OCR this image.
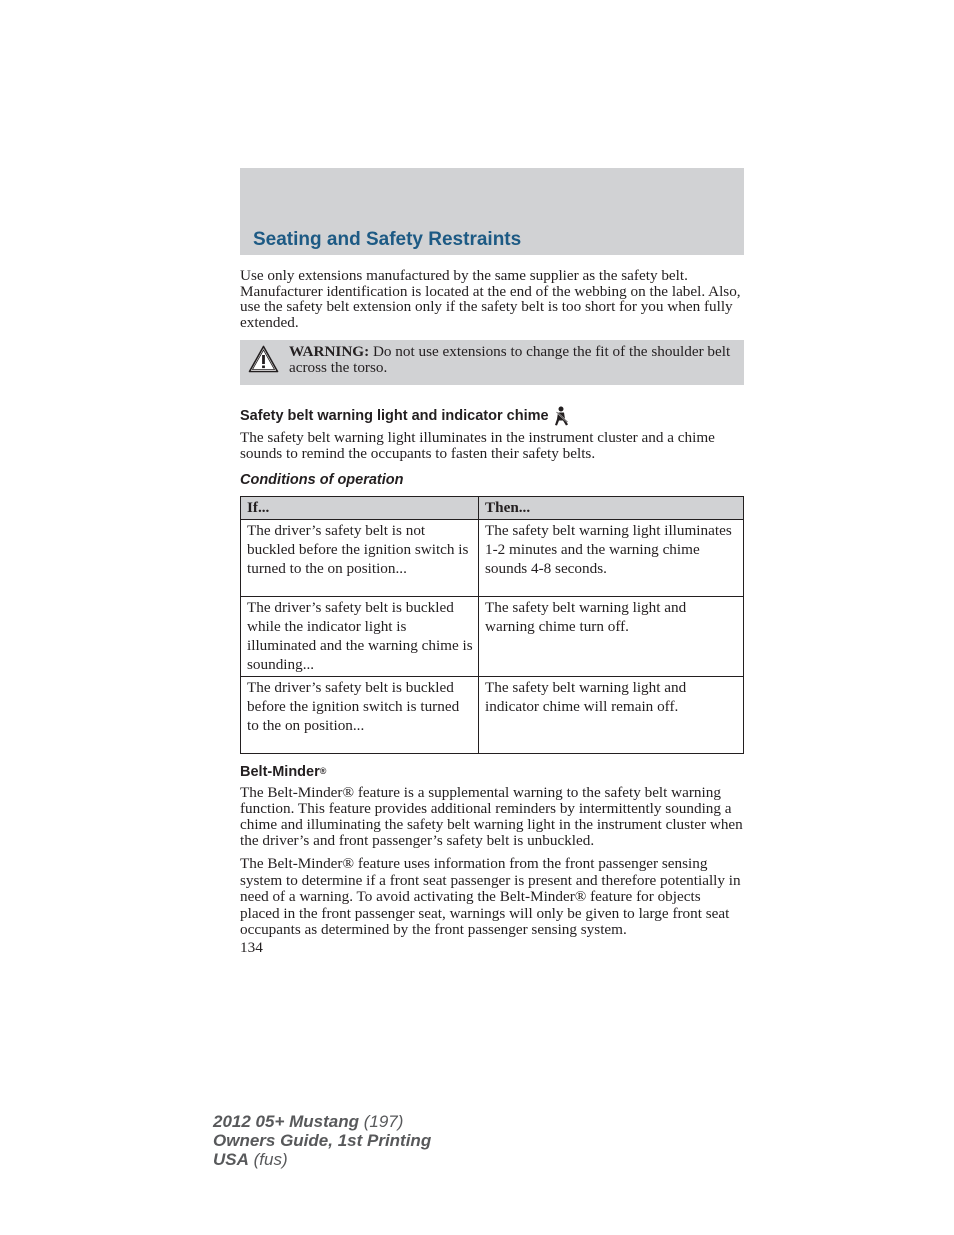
Seating and Safety Restraints

Use only extensions manufactured by the same supplier as the safety belt. Manufacturer identification is located at the end of the webbing on the label. Also, use the safety belt extension only if the safety belt is too short for you when fully extended.

WARNING: Do not use extensions to change the fit of the shoulder belt across the torso.
Safety belt warning light and indicator chime

The safety belt warning light illuminates in the instrument cluster and a chime sounds to remind the occupants to fasten their safety belts.

Conditions of operation
If...	Then...
The driver’s safety belt is not buckled before the ignition switch is turned to the on position...	The safety belt warning light illuminates 1-2 minutes and the warning chime sounds 4-8 seconds.
The driver’s safety belt is buckled while the indicator light is illuminated and the warning chime is sounding...	The safety belt warning light and warning chime turn off.
The driver’s safety belt is buckled before the ignition switch is turned to the on position...	The safety belt warning light and indicator chime will remain off.
Belt-Minder®

The Belt-Minder® feature is a supplemental warning to the safety belt warning function. This feature provides additional reminders by intermittently sounding a chime and illuminating the safety belt warning light in the instrument cluster when the driver’s and front passenger’s safety belt is unbuckled.

The Belt-Minder® feature uses information from the front passenger sensing system to determine if a front seat passenger is present and therefore potentially in need of a warning. To avoid activating the Belt-Minder® feature for objects placed in the front passenger seat, warnings will only be given to large front seat occupants as determined by the front passenger sensing system.

134

2012 05+ Mustang (197)
Owners Guide, 1st Printing
USA (fus)
